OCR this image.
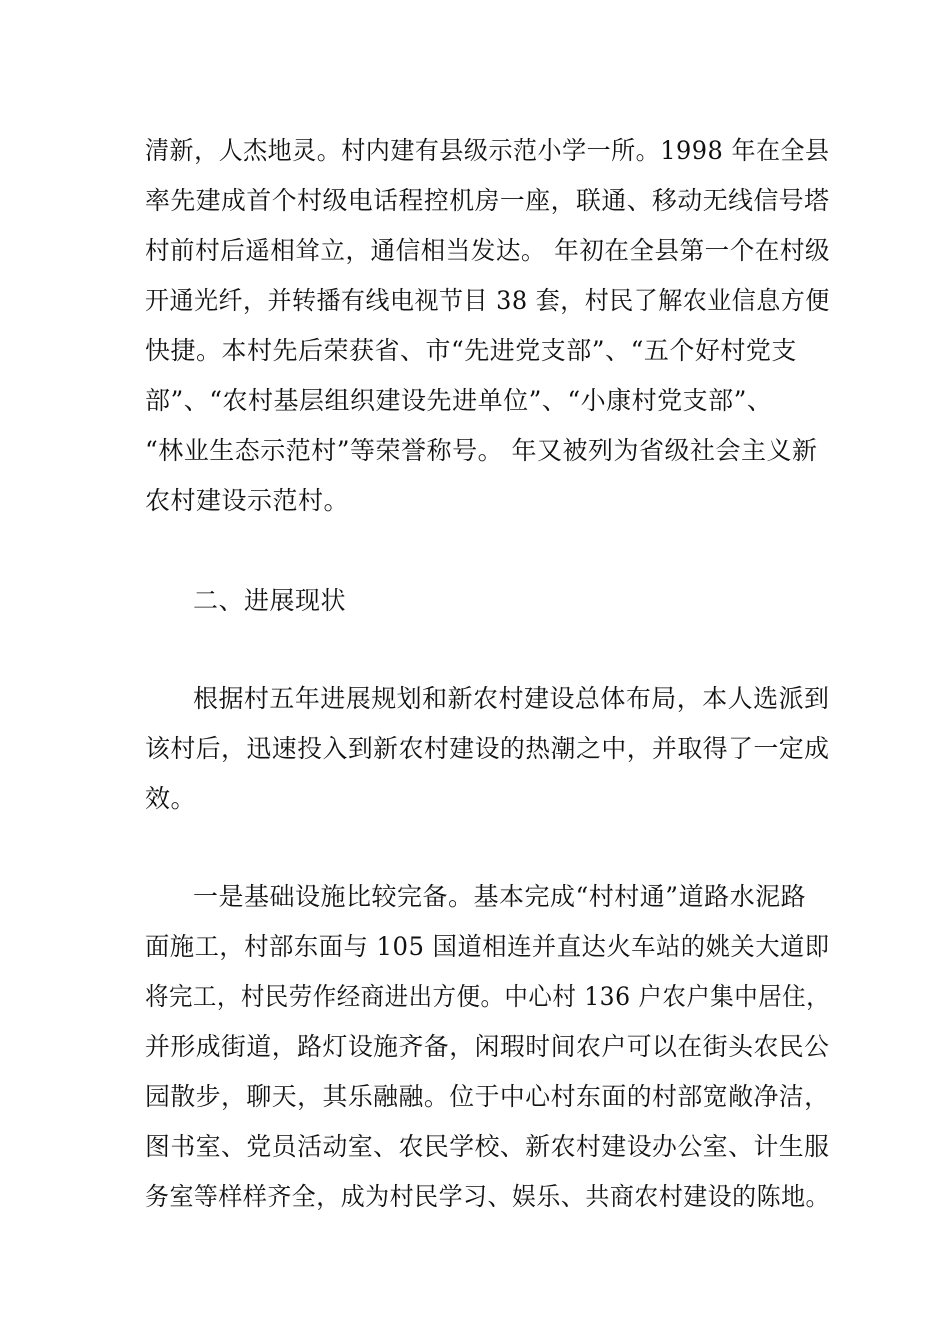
清新，人杰地灵。村内建有县级示范小学一所。1998 年在全县
率先建成首个村级电话程控机房一座，联通、移动无线信号塔
村前村后遥相耸立，通信相当发达。 年初在全县第一个在村级
开通光纤，并转播有线电视节目 38 套，村民了解农业信息方便
快捷。本村先后荣获省、市“先进党支部”、“五个好村党支
部”、“农村基层组织建设先进单位”、“小康村党支部”、
“林业生态示范村”等荣誉称号。 年又被列为省级社会主义新
农村建设示范村。
二、进展现状
根据村五年进展规划和新农村建设总体布局，本人选派到
该村后，迅速投入到新农村建设的热潮之中，并取得了一定成
效。
一是基础设施比较完备。基本完成“村村通”道路水泥路
面施工，村部东面与 105 国道相连并直达火车站的姚关大道即
将完工，村民劳作经商进出方便。中心村 136 户农户集中居住，
并形成街道，路灯设施齐备，闲瑕时间农户可以在街头农民公
园散步，聊天，其乐融融。位于中心村东面的村部宽敞净洁，
图书室、党员活动室、农民学校、新农村建设办公室、计生服
务室等样样齐全，成为村民学习、娱乐、共商农村建设的陈地。
